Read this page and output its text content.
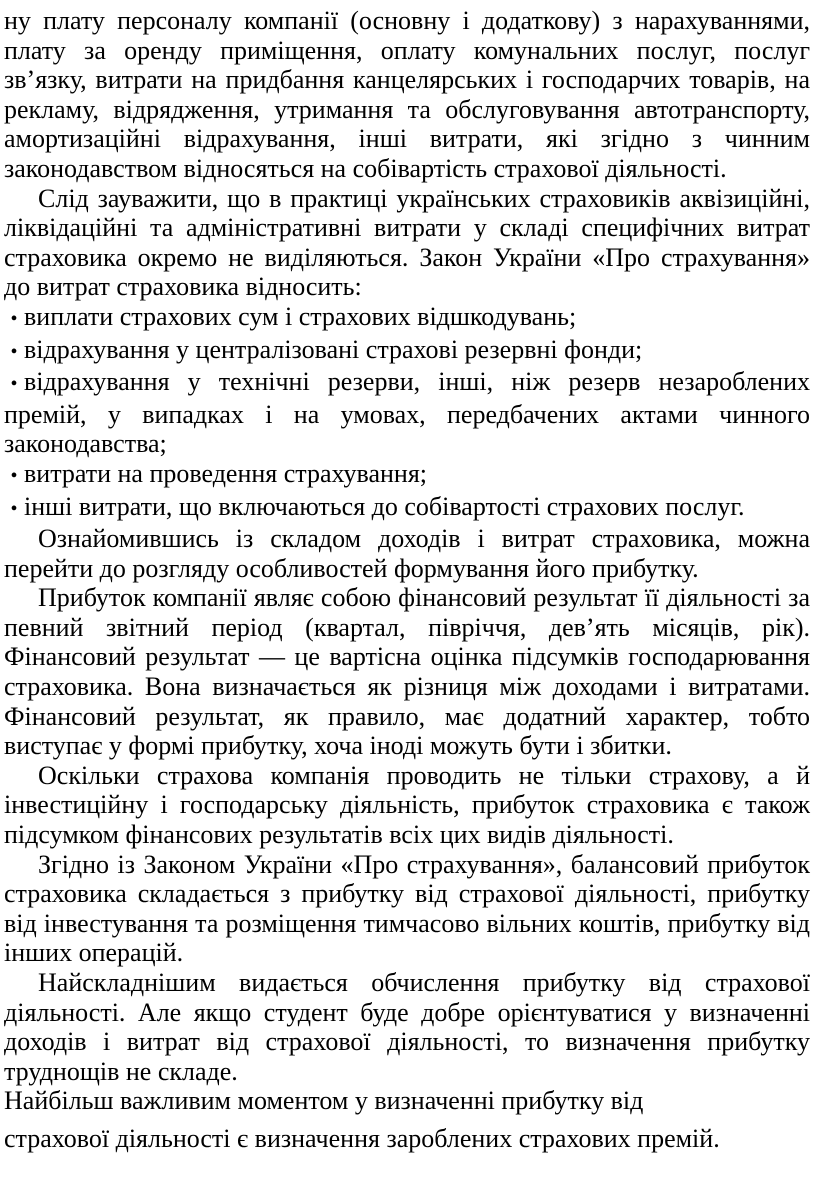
ну плату персоналу компанії (основну і додаткову) з нарахуваннями, плату за оренду приміщення, оплату комунальних послуг, послуг зв’язку, витрати на придбання канцелярських і господарчих товарів, на рекламу, відрядження, утримання та обслуговування автотранспорту, амортизаційні відрахування, інші витрати, які згідно з чинним законодавством відносяться на собівартість страхової діяльності.

Слід зауважити, що в практиці українських страховиків аквізиційні, ліквідаційні та адміністративні витрати у складі специфічних витрат страховика окремо не виділяються. Закон України «Про страхування» до витрат страховика відносить:

• виплати страхових сум і страхових відшкодувань;
• відрахування у централізовані страхові резервні фонди;
• відрахування у технічні резерви, інші, ніж резерв незароблених премій, у випадках і на умовах, передбачених актами чинного законодавства;
• витрати на проведення страхування;
• інші витрати, що включаються до собівартості страхових послуг.

Ознайомившись із складом доходів і витрат страховика, можна перейти до розгляду особливостей формування його прибутку.

Прибуток компанії являє собою фінансовий результат її діяльності за певний звітний період (квартал, півріччя, дев’ять місяців, рік). Фінансовий результат — це вартісна оцінка підсумків господарювання страховика. Вона визначається як різниця між доходами і витратами. Фінансовий результат, як правило, має додатний характер, тобто виступає у формі прибутку, хоча іноді можуть бути і збитки.

Оскільки страхова компанія проводить не тільки страхову, а й інвестиційну і господарську діяльність, прибуток страховика є також підсумком фінансових результатів всіх цих видів діяльності.

Згідно із Законом України «Про страхування», балансовий прибуток страховика складається з прибутку від страхової діяльності, прибутку від інвестування та розміщення тимчасово вільних коштів, прибутку від інших операцій.

Найскладнішим видається обчислення прибутку від страхової діяльності. Але якщо студент буде добре орієнтуватися у визначенні доходів і витрат від страхової діяльності, то визначення прибутку труднощів не складе.

Найбільш важливим моментом у визначенні прибутку від

страхової діяльності є визначення зароблених страхових премій.
